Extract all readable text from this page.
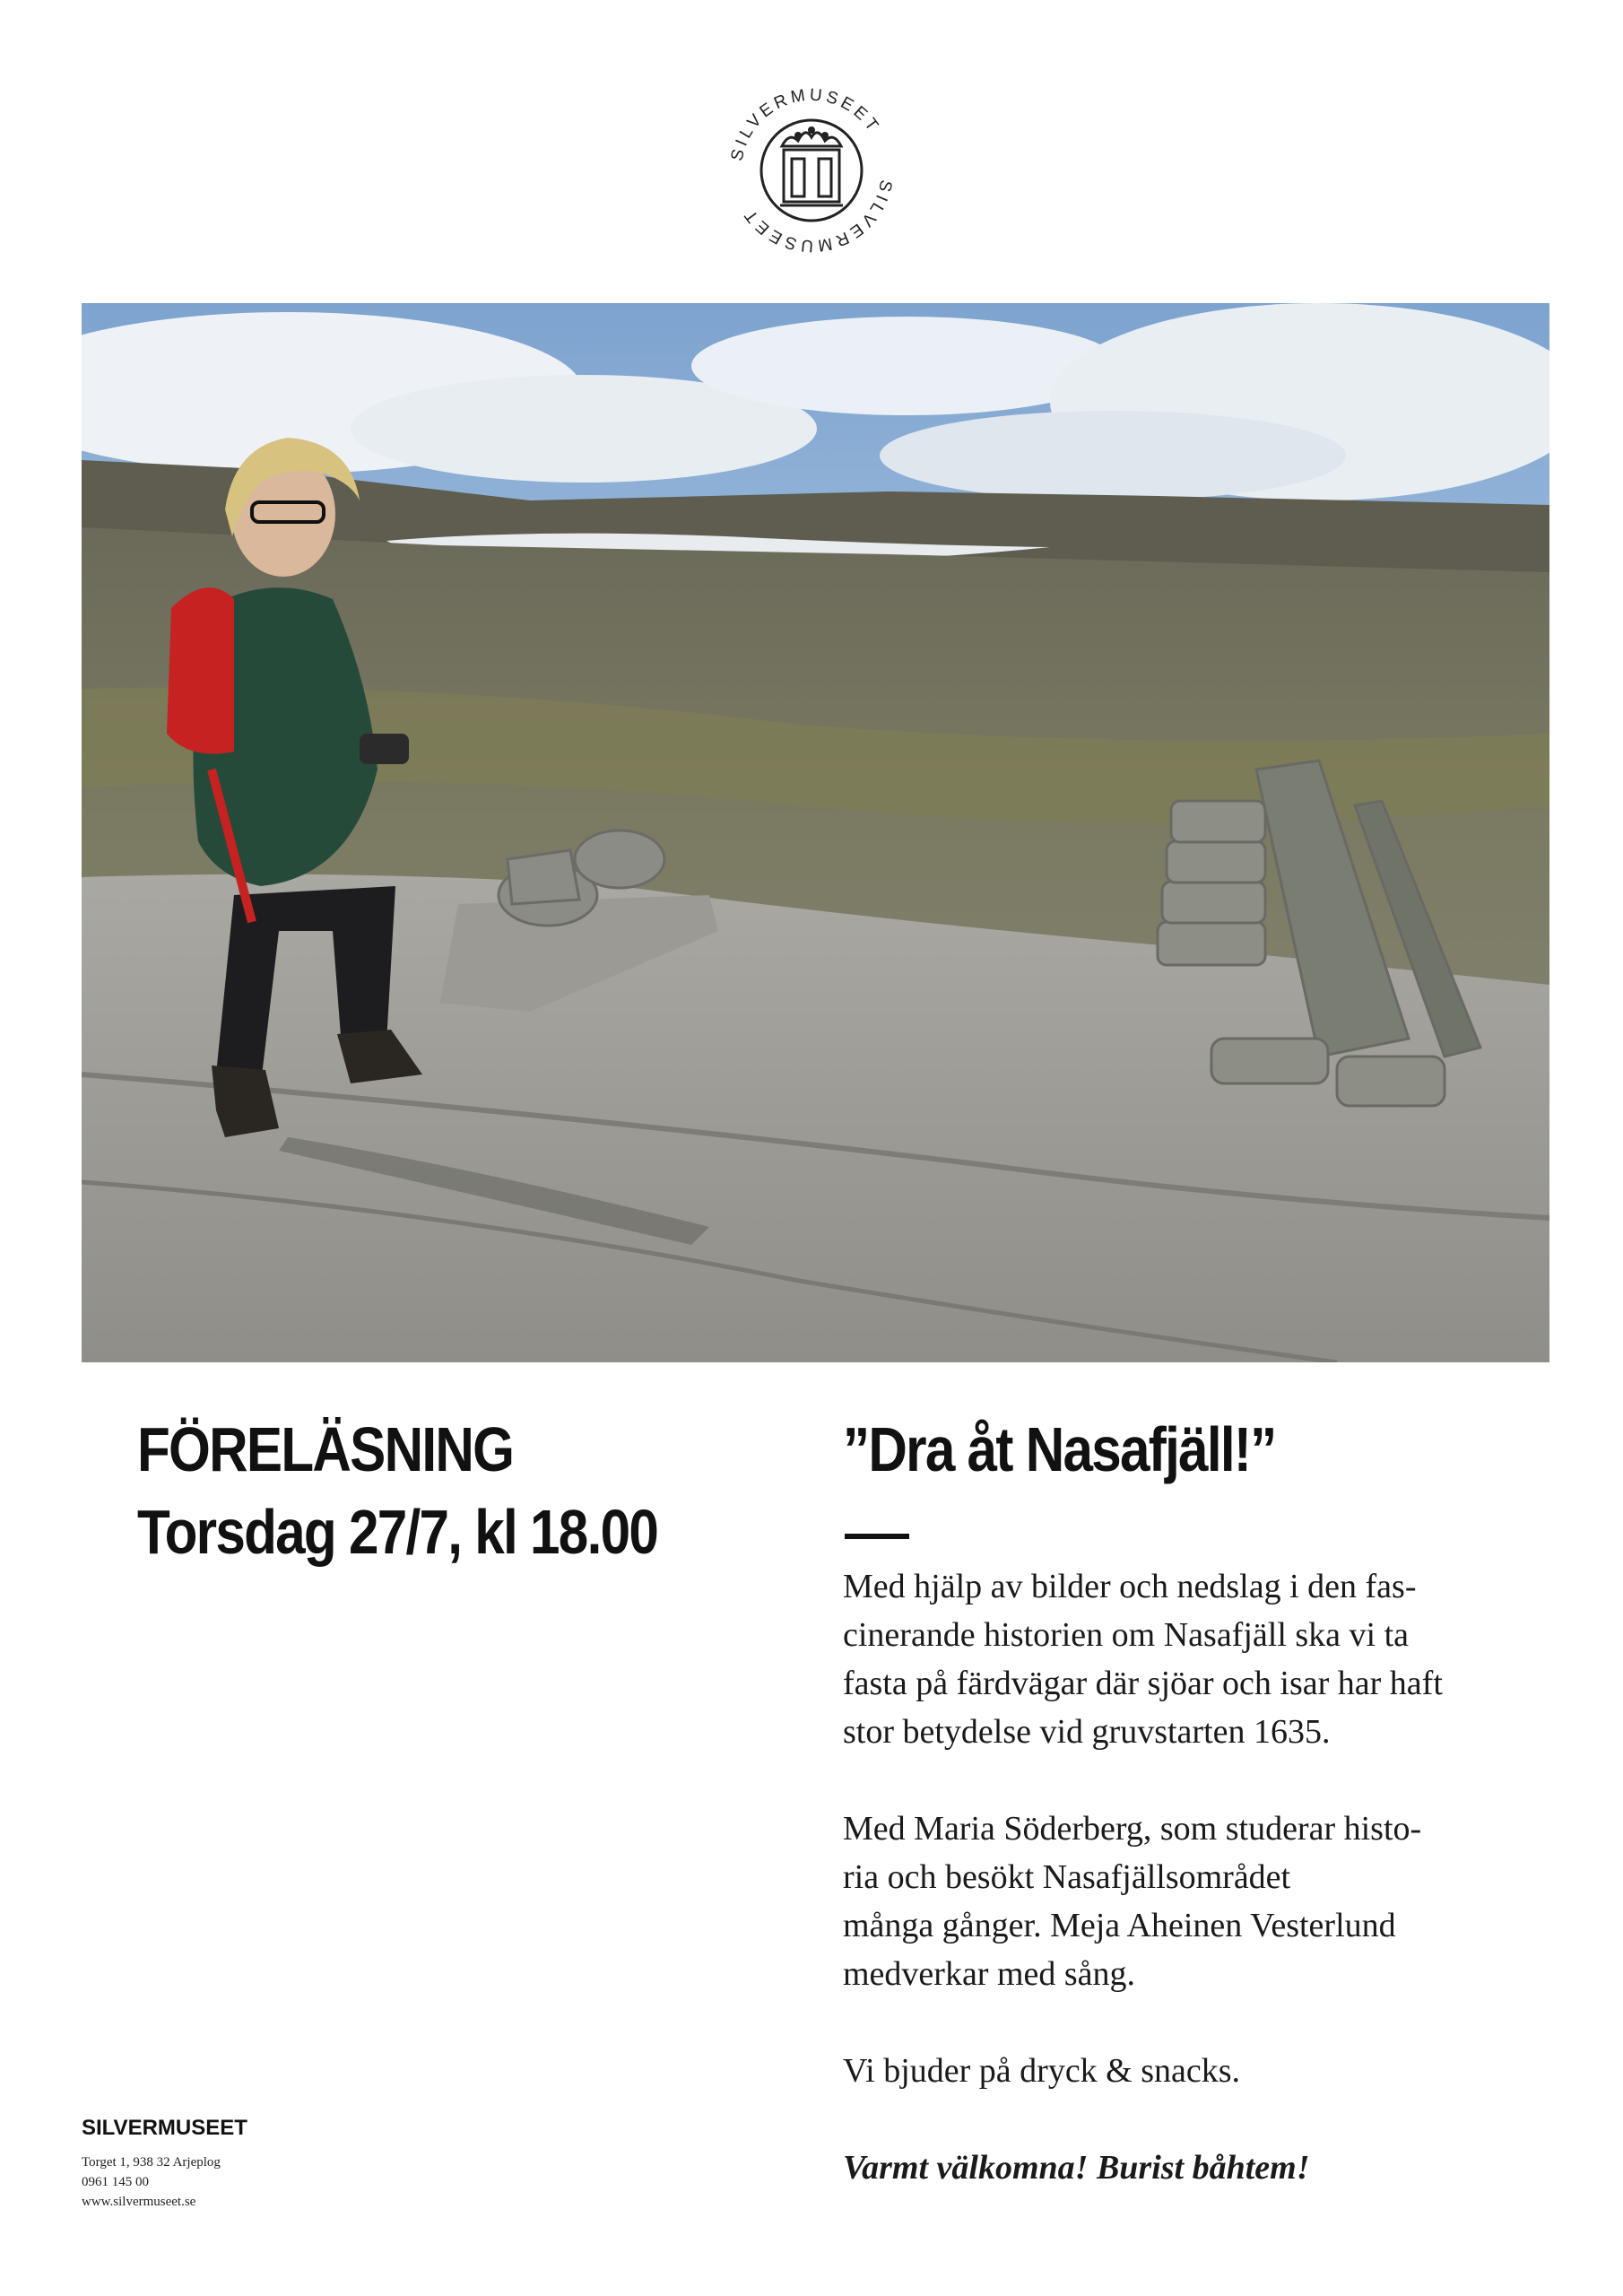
SILVERMUSEET
SILVERMUSEET
FÖRELÄSNING
Torsdag 27/7, kl 18.00
”Dra åt Nasafjäll!”

Med hjälp av bilder och nedslag i den fas-

cinerande historien om Nasafjäll ska vi ta

fasta på färdvägar där sjöar och isar har haft

stor betydelse vid gruvstarten 1635.

Med Maria Söderberg, som studerar histo-

ria och besökt Nasafjällsområdet

många gånger. Meja Aheinen Vesterlund

medverkar med sång.

Vi bjuder på dryck & snacks.

Varmt välkomna! Burist båhtem!

SILVERMUSEET
Torget 1, 938 32 Arjeplog
0961 145 00
www.silvermuseet.se
